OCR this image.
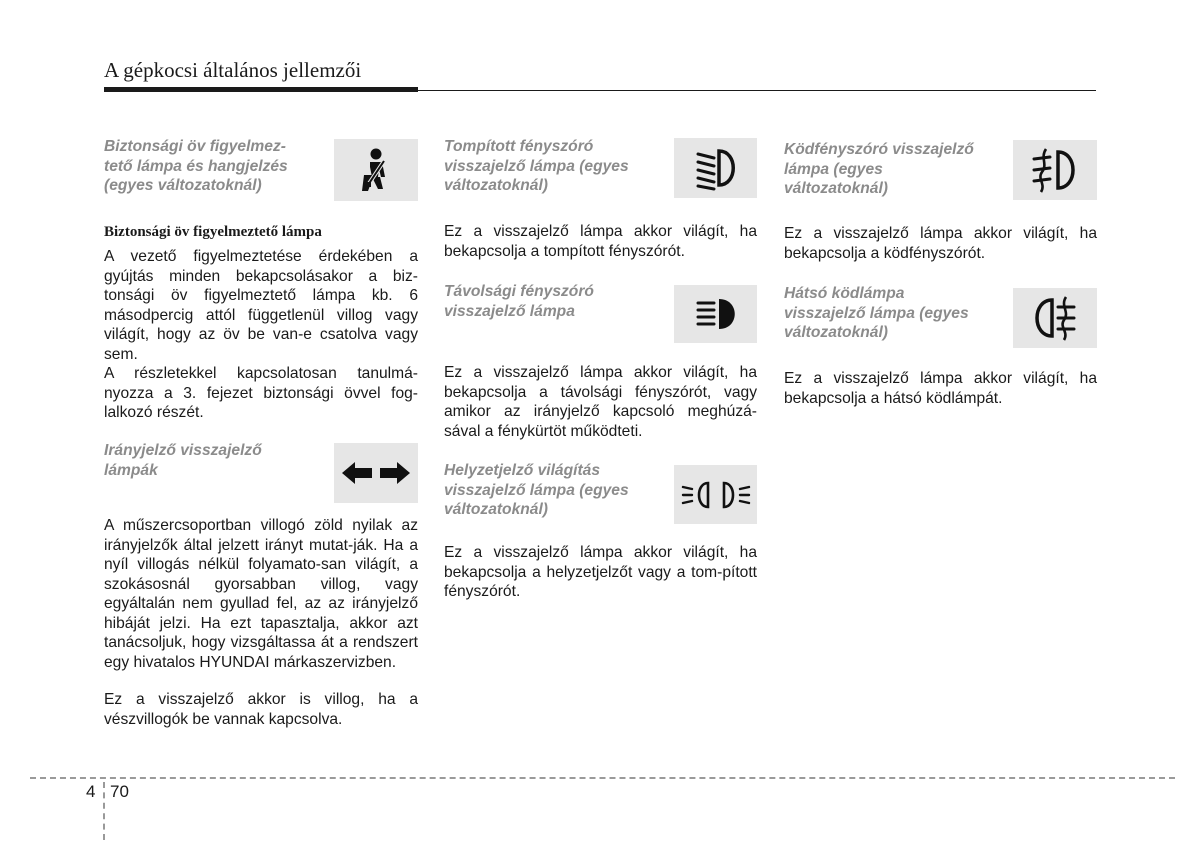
A gépkocsi általános jellemzői
Biztonsági öv figyelmez-
tető lámpa és hangjelzés
(egyes változatoknál)
Biztonsági öv figyelmeztető lámpa

A vezető figyelmeztetése érdekében a gyújtás minden bekapcsolásakor a biz-tonsági öv figyelmeztető lámpa kb. 6 másodpercig attól függetlenül villog vagy világít, hogy az öv be van-e csatolva vagy sem.

A részletekkel kapcsolatosan tanulmá-nyozza a 3. fejezet biztonsági övvel fog-lalkozó részét.

Irányjelző visszajelző
lámpák

A műszercsoportban villogó zöld nyilak az irányjelzők által jelzett irányt mutat-ják. Ha a nyíl villogás nélkül folyamato-san világít, a szokásosnál gyorsabban villog, vagy egyáltalán nem gyullad fel, az az irányjelző hibáját jelzi. Ha ezt tapasztalja, akkor azt tanácsoljuk, hogy vizsgáltassa át a rendszert egy hivatalos HYUNDAI márkaszervizben.

Ez a visszajelző akkor is villog, ha a vészvillogók be vannak kapcsolva.

Tompított fényszóró
visszajelző lámpa (egyes
változatoknál)

Ez a visszajelző lámpa akkor világít, ha bekapcsolja a tompított fényszórót.

Távolsági fényszóró
visszajelző lámpa

Ez a visszajelző lámpa akkor világít, ha bekapcsolja a távolsági fényszórót, vagy amikor az irányjelző kapcsoló meghúzá-sával a fénykürtöt működteti.

Helyzetjelző világítás
visszajelző lámpa (egyes
változatoknál)

Ez a visszajelző lámpa akkor világít, ha bekapcsolja a helyzetjelzőt vagy a tom-pított fényszórót.

Ködfényszóró visszajelző
lámpa (egyes
változatoknál)

Ez a visszajelző lámpa akkor világít, ha bekapcsolja a ködfényszórót.

Hátsó ködlámpa
visszajelző lámpa (egyes
változatoknál)

Ez a visszajelző lámpa akkor világít, ha bekapcsolja a hátsó ködlámpát.

4 70
